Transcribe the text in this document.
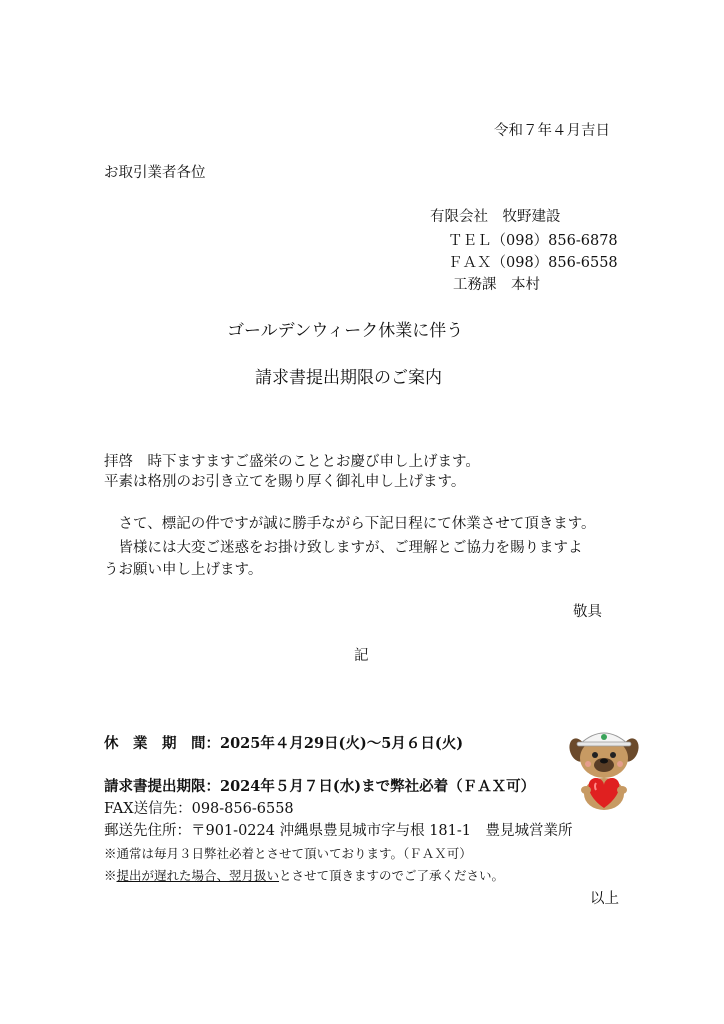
令和７年４月吉日
お取引業者各位
有限会社　牧野建設
ＴＥＬ（098）856-6878
ＦＡＸ（098）856-6558
工務課　本村
ゴールデンウィーク休業に伴う
請求書提出期限のご案内
拝啓　時下ますますご盛栄のこととお慶び申し上げます。
平素は格別のお引き立てを賜り厚く御礼申し上げます。
　さて、標記の件ですが誠に勝手ながら下記日程にて休業させて頂きます。
　皆様には大変ご迷惑をお掛け致しますが、ご理解とご協力を賜りますよ
うお願い申し上げます。
敬具
記
休　業　期　間：2025年４月29日(火)～5月６日(火)
請求書提出期限：2024年５月７日(水)まで弊社必着（ＦＡＸ可）
FAX送信先：098-856-6558
郵送先住所：〒901-0224 沖縄県豊見城市字与根 181-1　豊見城営業所
※通常は毎月３日弊社必着とさせて頂いております。（ＦＡＸ可）
※提出が遅れた場合、翌月扱いとさせて頂きますのでご了承ください。
以上
